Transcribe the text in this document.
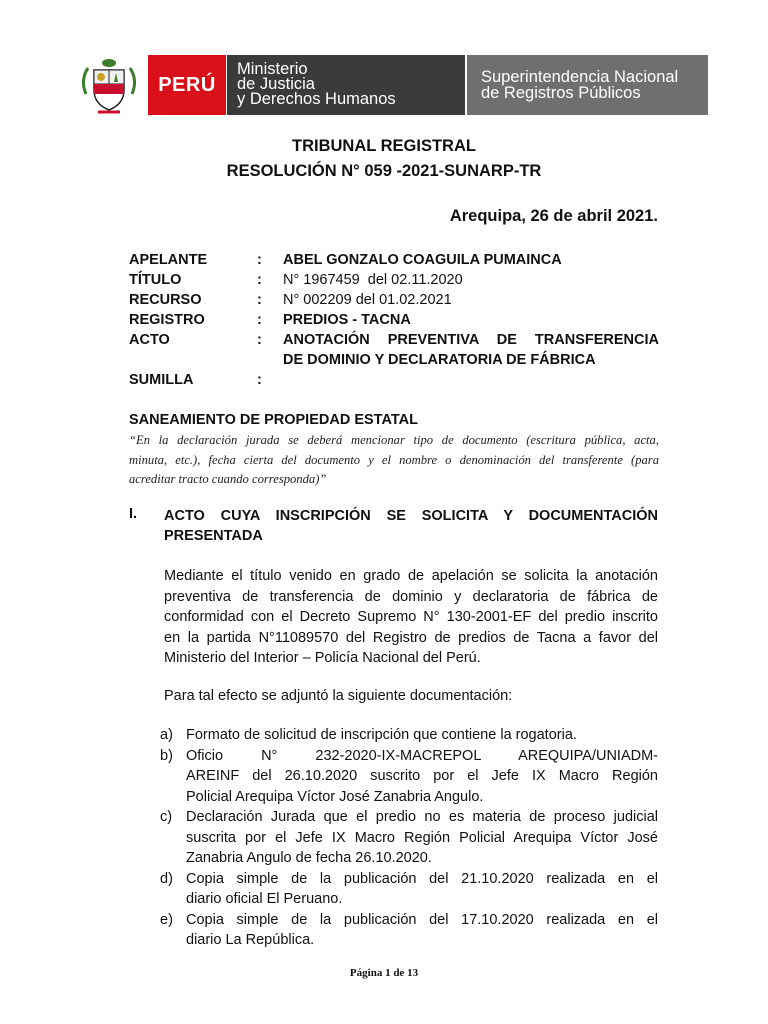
PERÚ
Ministerio
de Justicia
y Derechos Humanos
Superintendencia Nacional
de Registros Públicos
TRIBUNAL REGISTRAL
RESOLUCIÓN N° 059 -2021-SUNARP-TR
Arequipa, 26 de abril 2021.
APELANTE	:	ABEL GONZALO COAGUILA PUMAINCA
TÍTULO	:	N° 1967459  del 02.11.2020
RECURSO	:	N° 002209 del 01.02.2021
REGISTRO	:	PREDIOS - TACNA
ACTO	:	ANOTACIÓN PREVENTIVA DE TRANSFERENCIA
DE DOMINIO Y DECLARATORIA DE FÁBRICA
SUMILLA	:
SANEAMIENTO DE PROPIEDAD ESTATAL
“En la declaración jurada se deberá mencionar tipo de documento (escritura pública, acta,
minuta, etc.), fecha cierta del documento y el nombre o denominación del transferente (para
acreditar tracto cuando corresponda)”
I. ACTO CUYA INSCRIPCIÓN SE SOLICITA Y DOCUMENTACIÓN
PRESENTADA
Mediante el título venido en grado de apelación se solicita la anotación
preventiva de transferencia de dominio y declaratoria de fábrica de
conformidad con el Decreto Supremo N° 130-2001-EF del predio inscrito
en la partida N°11089570 del Registro de predios de Tacna a favor del
Ministerio del Interior – Policía Nacional del Perú.
Para tal efecto se adjuntó la siguiente documentación:
a) Formato de solicitud de inscripción que contiene la rogatoria.
b) Oficio N° 232-2020-IX-MACREPOL AREQUIPA/UNIADM-
AREINF del 26.10.2020 suscrito por el Jefe IX Macro Región
Policial Arequipa Víctor José Zanabria Angulo.
c) Declaración Jurada que el predio no es materia de proceso judicial
suscrita por el Jefe IX Macro Región Policial Arequipa Víctor José
Zanabria Angulo de fecha 26.10.2020.
d) Copia simple de la publicación del 21.10.2020 realizada en el
diario oficial El Peruano.
e) Copia simple de la publicación del 17.10.2020 realizada en el
diario La República.
Página 1 de 13
